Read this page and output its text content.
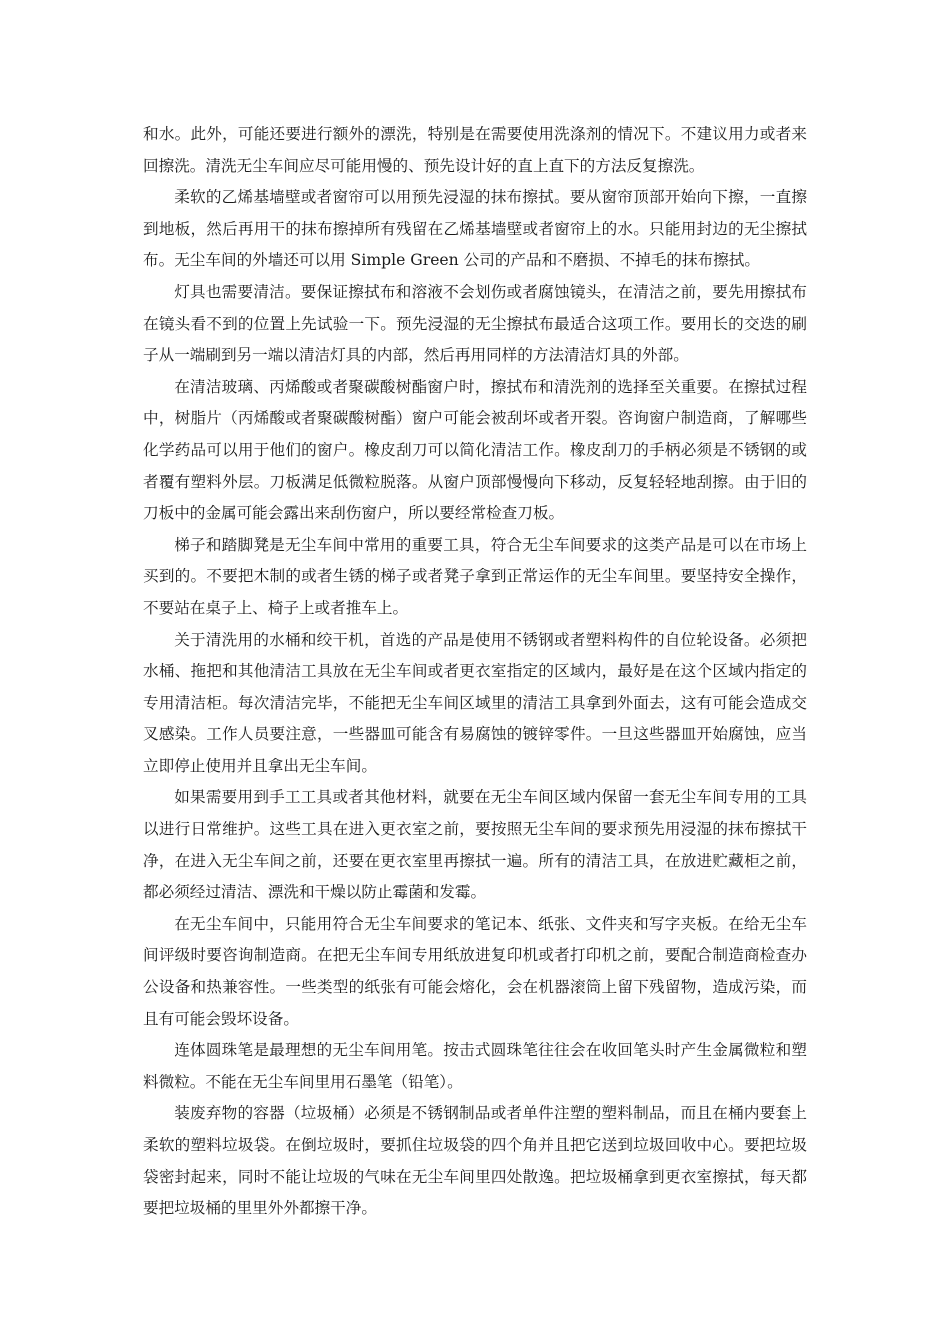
和水。此外，可能还要进行额外的漂洗，特别是在需要使用洗涤剂的情况下。不建议用力或者来回擦洗。清洗无尘车间应尽可能用慢的、预先设计好的直上直下的方法反复擦洗。

柔软的乙烯基墙壁或者窗帘可以用预先浸湿的抹布擦拭。要从窗帘顶部开始向下擦，一直擦到地板，然后再用干的抹布擦掉所有残留在乙烯基墙壁或者窗帘上的水。只能用封边的无尘擦拭布。无尘车间的外墙还可以用 Simple Green 公司的产品和不磨损、不掉毛的抹布擦拭。

灯具也需要清洁。要保证擦拭布和溶液不会划伤或者腐蚀镜头，在清洁之前，要先用擦拭布在镜头看不到的位置上先试验一下。预先浸湿的无尘擦拭布最适合这项工作。要用长的交迭的刷子从一端刷到另一端以清洁灯具的内部，然后再用同样的方法清洁灯具的外部。

在清洁玻璃、丙烯酸或者聚碳酸树酯窗户时，擦拭布和清洗剂的选择至关重要。在擦拭过程中，树脂片（丙烯酸或者聚碳酸树酯）窗户可能会被刮坏或者开裂。咨询窗户制造商，了解哪些化学药品可以用于他们的窗户。橡皮刮刀可以简化清洁工作。橡皮刮刀的手柄必须是不锈钢的或者覆有塑料外层。刀板满足低微粒脱落。从窗户顶部慢慢向下移动，反复轻轻地刮擦。由于旧的刀板中的金属可能会露出来刮伤窗户，所以要经常检查刀板。

梯子和踏脚凳是无尘车间中常用的重要工具，符合无尘车间要求的这类产品是可以在市场上买到的。不要把木制的或者生锈的梯子或者凳子拿到正常运作的无尘车间里。要坚持安全操作，不要站在桌子上、椅子上或者推车上。

关于清洗用的水桶和绞干机，首选的产品是使用不锈钢或者塑料构件的自位轮设备。必须把水桶、拖把和其他清洁工具放在无尘车间或者更衣室指定的区域内，最好是在这个区域内指定的专用清洁柜。每次清洁完毕，不能把无尘车间区域里的清洁工具拿到外面去，这有可能会造成交叉感染。工作人员要注意，一些器皿可能含有易腐蚀的镀锌零件。一旦这些器皿开始腐蚀，应当立即停止使用并且拿出无尘车间。

如果需要用到手工工具或者其他材料，就要在无尘车间区域内保留一套无尘车间专用的工具以进行日常维护。这些工具在进入更衣室之前，要按照无尘车间的要求预先用浸湿的抹布擦拭干净，在进入无尘车间之前，还要在更衣室里再擦拭一遍。所有的清洁工具，在放进贮藏柜之前，都必须经过清洁、漂洗和干燥以防止霉菌和发霉。

在无尘车间中，只能用符合无尘车间要求的笔记本、纸张、文件夹和写字夹板。在给无尘车间评级时要咨询制造商。在把无尘车间专用纸放进复印机或者打印机之前，要配合制造商检查办公设备和热兼容性。一些类型的纸张有可能会熔化，会在机器滚筒上留下残留物，造成污染，而且有可能会毁坏设备。

连体圆珠笔是最理想的无尘车间用笔。按击式圆珠笔往往会在收回笔头时产生金属微粒和塑料微粒。不能在无尘车间里用石墨笔（铅笔）。

装废弃物的容器（垃圾桶）必须是不锈钢制品或者单件注塑的塑料制品，而且在桶内要套上柔软的塑料垃圾袋。在倒垃圾时，要抓住垃圾袋的四个角并且把它送到垃圾回收中心。要把垃圾袋密封起来，同时不能让垃圾的气味在无尘车间里四处散逸。把垃圾桶拿到更衣室擦拭，每天都要把垃圾桶的里里外外都擦干净。
